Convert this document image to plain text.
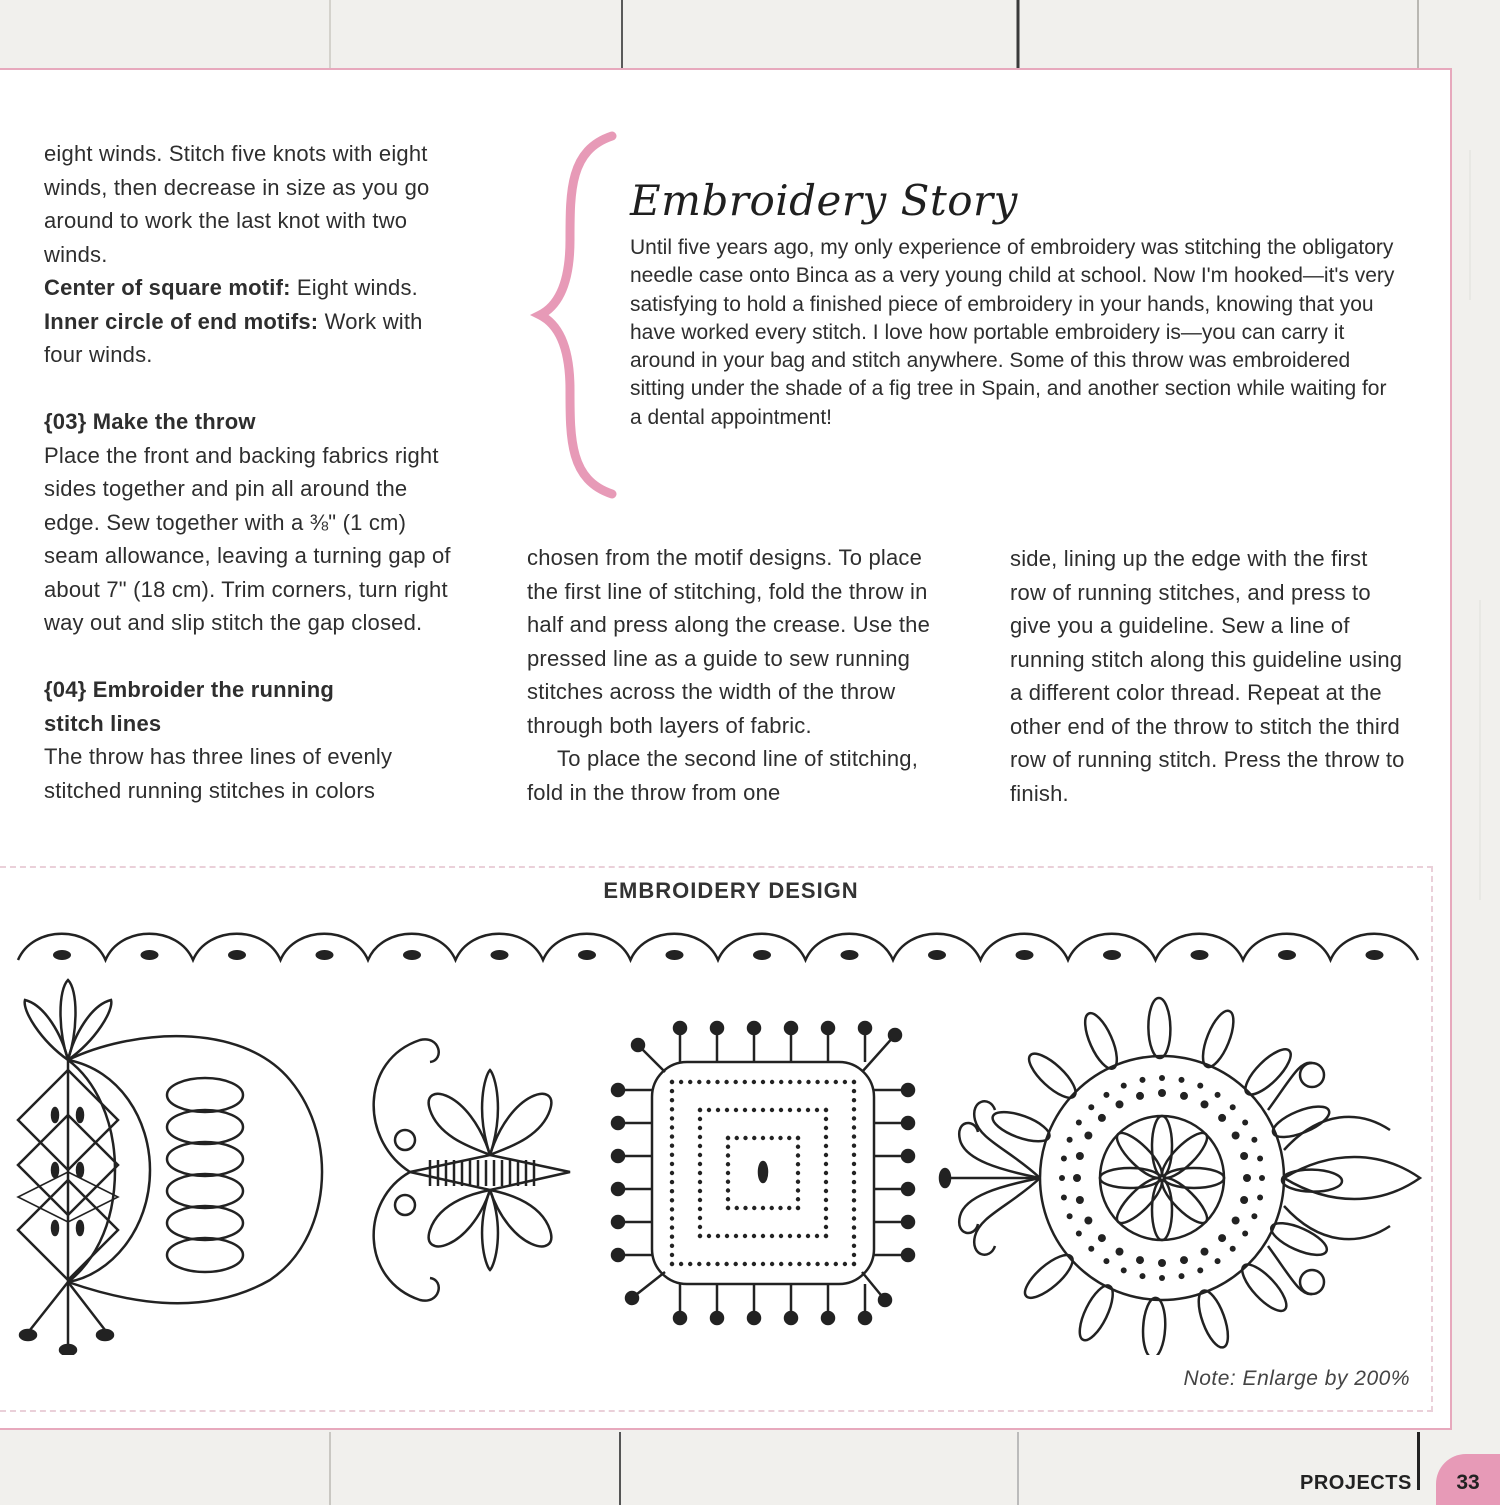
eight winds. Stitch five knots with eight winds, then decrease in size as you go around to work the last knot with two winds.

Center of square motif: Eight winds.

Inner circle of end motifs: Work with four winds.

{03} Make the throw

Place the front and backing fabrics right sides together and pin all around the edge. Sew together with a ⅜" (1 cm) seam allowance, leaving a turning gap of about 7" (18 cm). Trim corners, turn right way out and slip stitch the gap closed.

{04} Embroider the running stitch lines

The throw has three lines of evenly stitched running stitches in colors

Embroidery Story

Until five years ago, my only experience of embroidery was stitching the obligatory needle case onto Binca as a very young child at school. Now I'm hooked—it's very satisfying to hold a finished piece of embroidery in your hands, knowing that you have worked every stitch. I love how portable embroidery is—you can carry it around in your bag and stitch anywhere. Some of this throw was embroidered sitting under the shade of a fig tree in Spain, and another section while waiting for a dental appointment!

chosen from the motif designs. To place the first line of stitching, fold the throw in half and press along the crease. Use the pressed line as a guide to sew running stitches across the width of the throw through both layers of fabric.

To place the second line of stitching, fold in the throw from one

side, lining up the edge with the first row of running stitches, and press to give you a guideline. Sew a line of running stitch along this guideline using a different color thread. Repeat at the other end of the throw to stitch the third row of running stitch. Press the throw to finish.

EMBROIDERY DESIGN
Note: Enlarge by 200%
PROJECTS	33
